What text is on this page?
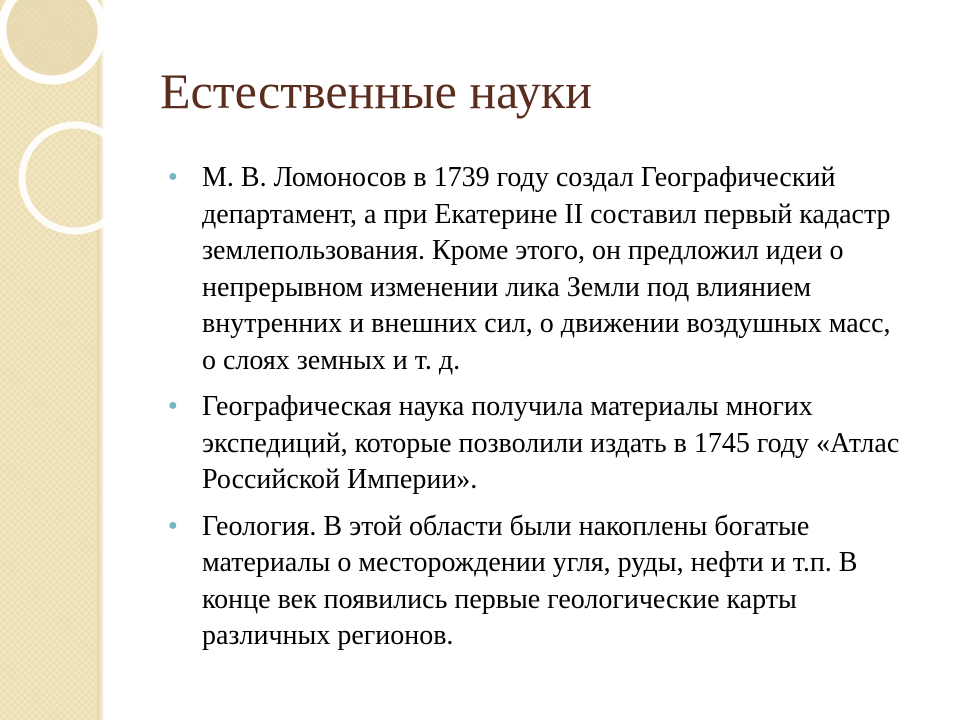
Естественные науки
● М. В. Ломоносов в 1739 году создал Географический департамент, а при Екатерине II составил первый кадастр землепользования. Кроме этого, он предложил идеи о непрерывном изменении лика Земли под влиянием внутренних и внешних сил, о движении воздушных масс, о слоях земных и т. д.
● Географическая наука получила материалы многих экспедиций, которые позволили издать в 1745 году «Атлас Российской Империи».
● Геология. В этой области были накоплены богатые материалы о месторождении угля, руды, нефти и т.п. В конце век появились первые геологические карты различных регионов.
